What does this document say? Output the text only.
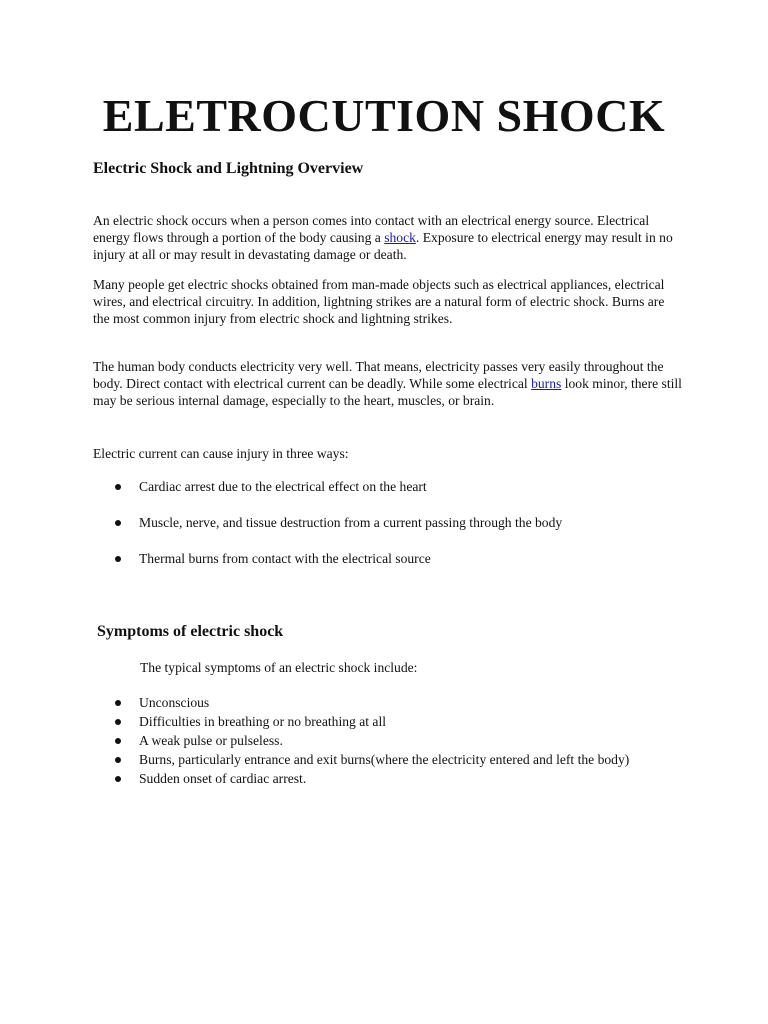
ELETROCUTION SHOCK
Electric Shock and Lightning Overview

An electric shock occurs when a person comes into contact with an electrical energy source. Electrical energy flows through a portion of the body causing a shock. Exposure to electrical energy may result in no injury at all or may result in devastating damage or death.

Many people get electric shocks obtained from man-made objects such as electrical appliances, electrical wires, and electrical circuitry. In addition, lightning strikes are a natural form of electric shock. Burns are the most common injury from electric shock and lightning strikes.

The human body conducts electricity very well. That means, electricity passes very easily throughout the body. Direct contact with electrical current can be deadly. While some electrical burns look minor, there still may be serious internal damage, especially to the heart, muscles, or brain.

Electric current can cause injury in three ways:

Cardiac arrest due to the electrical effect on the heart
Muscle, nerve, and tissue destruction from a current passing through the body
Thermal burns from contact with the electrical source
Symptoms of electric shock

The typical symptoms of an electric shock include:

Unconscious
Difficulties in breathing or no breathing at all
A weak pulse or pulseless.
Burns, particularly entrance and exit burns(where the electricity entered and left the body)
Sudden onset of cardiac arrest.
